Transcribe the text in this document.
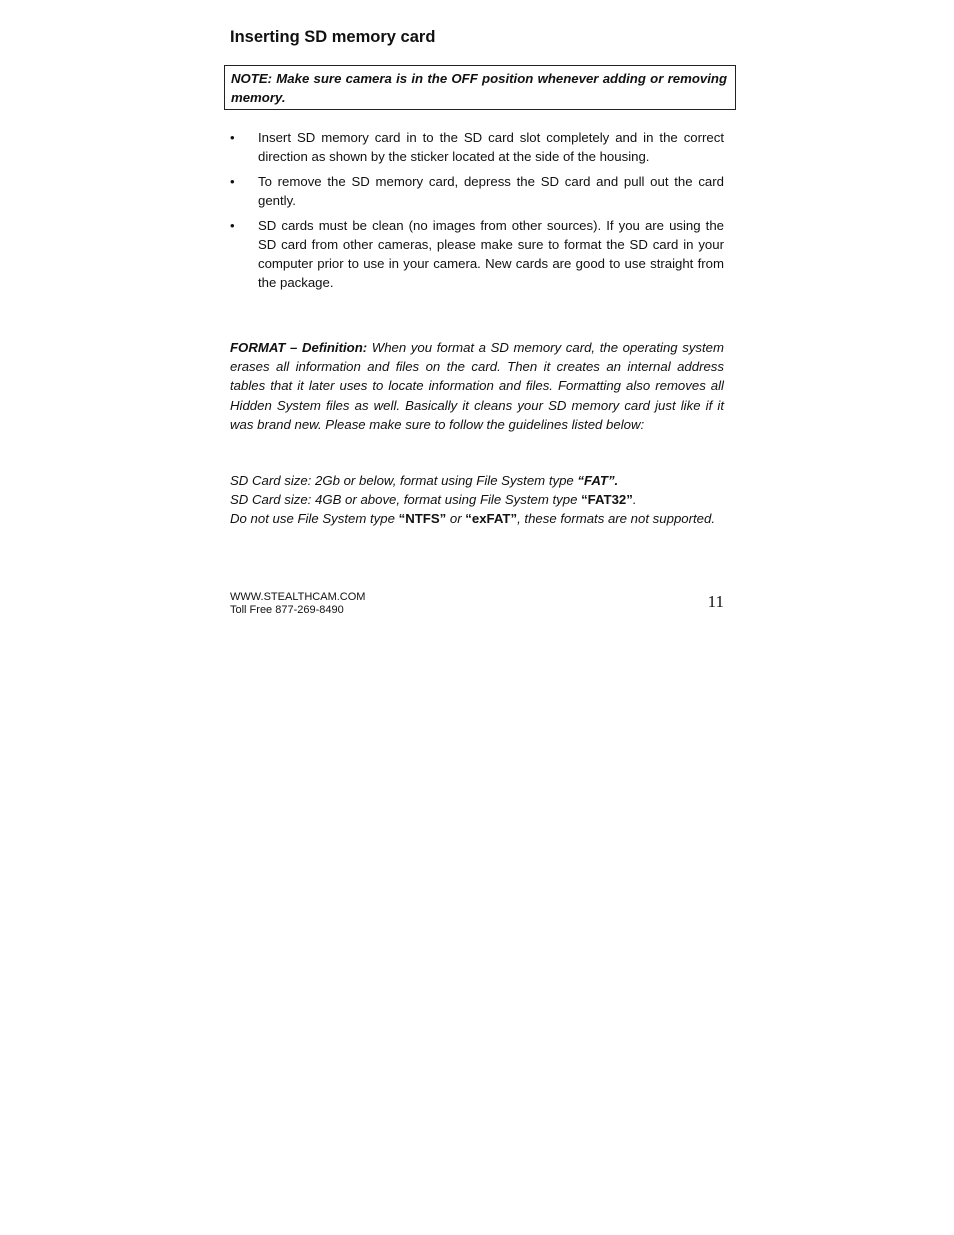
Inserting SD memory card
NOTE: Make sure camera is in the OFF position whenever adding or removing memory.
• Insert SD memory card in to the SD card slot completely and in the correct direction as shown by the sticker located at the side of the housing.
• To remove the SD memory card, depress the SD card and pull out the card gently.
• SD cards must be clean (no images from other sources). If you are using the SD card from other cameras, please make sure to format the SD card in your computer prior to use in your camera. New cards are good to use straight from the package.

FORMAT – Definition: When you format a SD memory card, the operating system erases all information and files on the card. Then it creates an internal address tables that it later uses to locate information and files. Formatting also removes all Hidden System files as well. Basically it cleans your SD memory card just like if it was brand new. Please make sure to follow the guidelines listed below:

SD Card size: 2Gb or below, format using File System type “FAT”.
SD Card size: 4GB or above, format using File System type “FAT32”.
Do not use File System type “NTFS” or “exFAT”, these formats are not supported.
WWW.STEALTHCAM.COM
Toll Free 877-269-8490	11
